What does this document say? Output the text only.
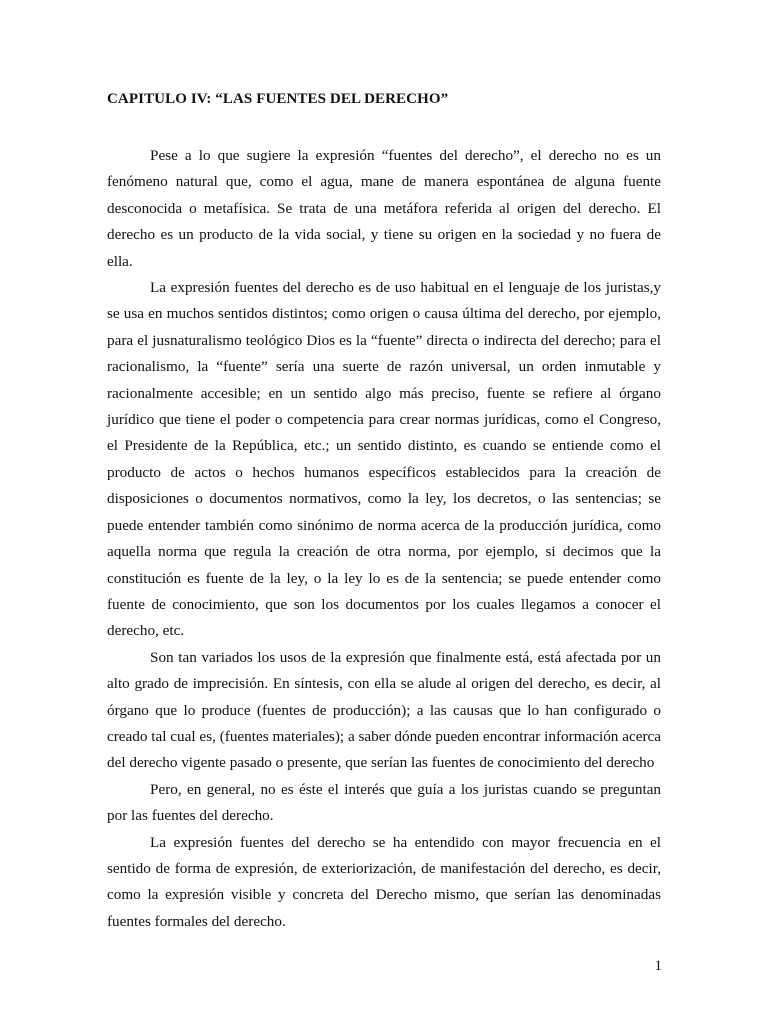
CAPITULO IV: “LAS FUENTES DEL DERECHO”

Pese a lo que sugiere la expresión “fuentes del derecho”, el derecho no es un fenómeno natural que, como el agua, mane de manera espontánea de alguna fuente desconocida o metafísica. Se trata de una metáfora referida al origen del derecho. El derecho es un producto de la vida social, y tiene su origen en la sociedad y no fuera de ella.

La expresión fuentes del derecho es de uso habitual en el lenguaje de los juristas,y se usa en muchos sentidos distintos; como origen o causa última del derecho, por ejemplo, para el jusnaturalismo teológico Dios es la “fuente” directa o indirecta del derecho; para el racionalismo, la “fuente” sería una suerte de razón universal, un orden inmutable y racionalmente accesible; en un sentido algo más preciso, fuente se refiere al órgano jurídico que tiene el poder o competencia para crear normas jurídicas, como el Congreso, el Presidente de la República, etc.; un sentido distinto, es cuando se entiende como el producto de actos o hechos humanos específicos establecidos para la creación de disposiciones o documentos normativos, como la ley, los decretos, o las sentencias; se puede entender también como sinónimo de norma acerca de la producción jurídica, como aquella norma que regula la creación de otra norma, por ejemplo, si decimos que la constitución es fuente de la ley, o la ley lo es de la sentencia; se puede entender como fuente de conocimiento, que son los documentos por los cuales llegamos a conocer el derecho, etc.

Son tan variados los usos de la expresión que finalmente está, está afectada por un alto grado de imprecisión. En síntesis, con ella se alude al origen del derecho, es decir, al órgano que lo produce (fuentes de producción); a las causas que lo han configurado o creado tal cual es, (fuentes materiales); a saber dónde pueden encontrar información acerca del derecho vigente pasado o presente, que serían las fuentes de conocimiento del derecho

Pero, en general, no es éste el interés que guía a los juristas cuando se preguntan por las fuentes del derecho.

La expresión fuentes del derecho se ha entendido con mayor frecuencia en el sentido de forma de expresión, de exteriorización, de manifestación del derecho, es decir, como la expresión visible y concreta del Derecho mismo, que serían las denominadas fuentes formales del derecho.

1
